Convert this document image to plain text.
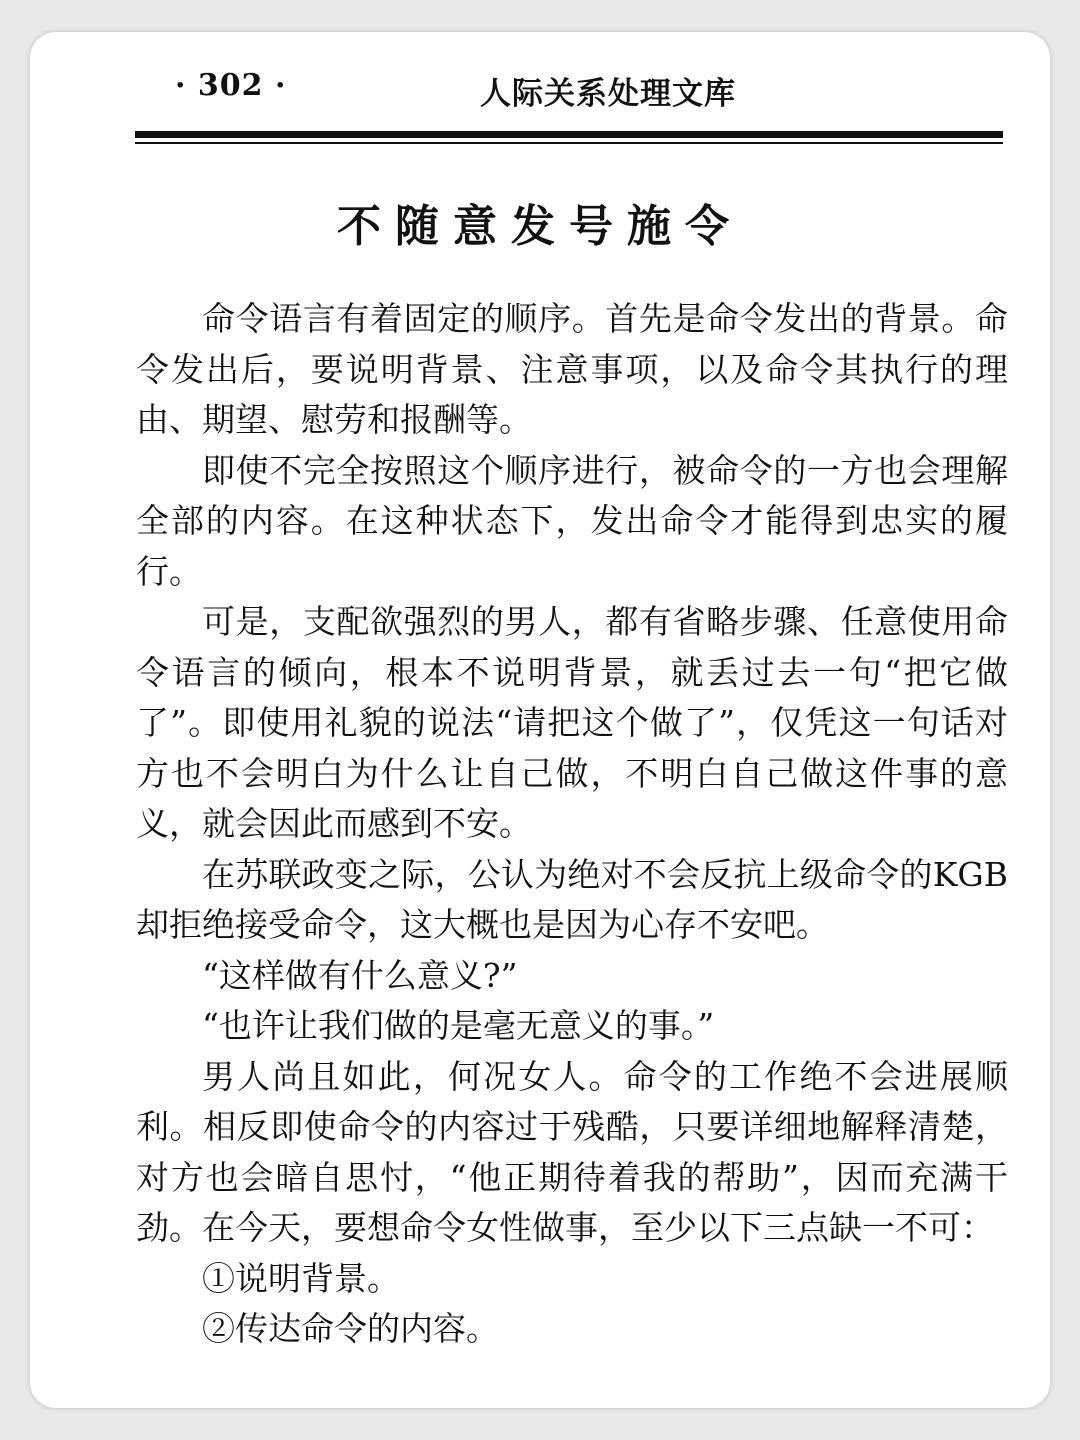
· 302 ·	人际关系处理文库
不随意发号施令

命令语言有着固定的顺序。首先是命令发出的背景。命令发出后，要说明背景、注意事项，以及命令其执行的理由、期望、慰劳和报酬等。

即使不完全按照这个顺序进行，被命令的一方也会理解全部的内容。在这种状态下，发出命令才能得到忠实的履行。

可是，支配欲强烈的男人，都有省略步骤、任意使用命令语言的倾向，根本不说明背景，就丢过去一句“把它做了”。即使用礼貌的说法“请把这个做了”，仅凭这一句话对方也不会明白为什么让自己做，不明白自己做这件事的意义，就会因此而感到不安。

在苏联政变之际，公认为绝对不会反抗上级命令的KGB却拒绝接受命令，这大概也是因为心存不安吧。

“这样做有什么意义?”

“也许让我们做的是毫无意义的事。”

男人尚且如此，何况女人。命令的工作绝不会进展顺利。相反即使命令的内容过于残酷，只要详细地解释清楚，对方也会暗自思忖，“他正期待着我的帮助”，因而充满干劲。在今天，要想命令女性做事，至少以下三点缺一不可：

①说明背景。

②传达命令的内容。
